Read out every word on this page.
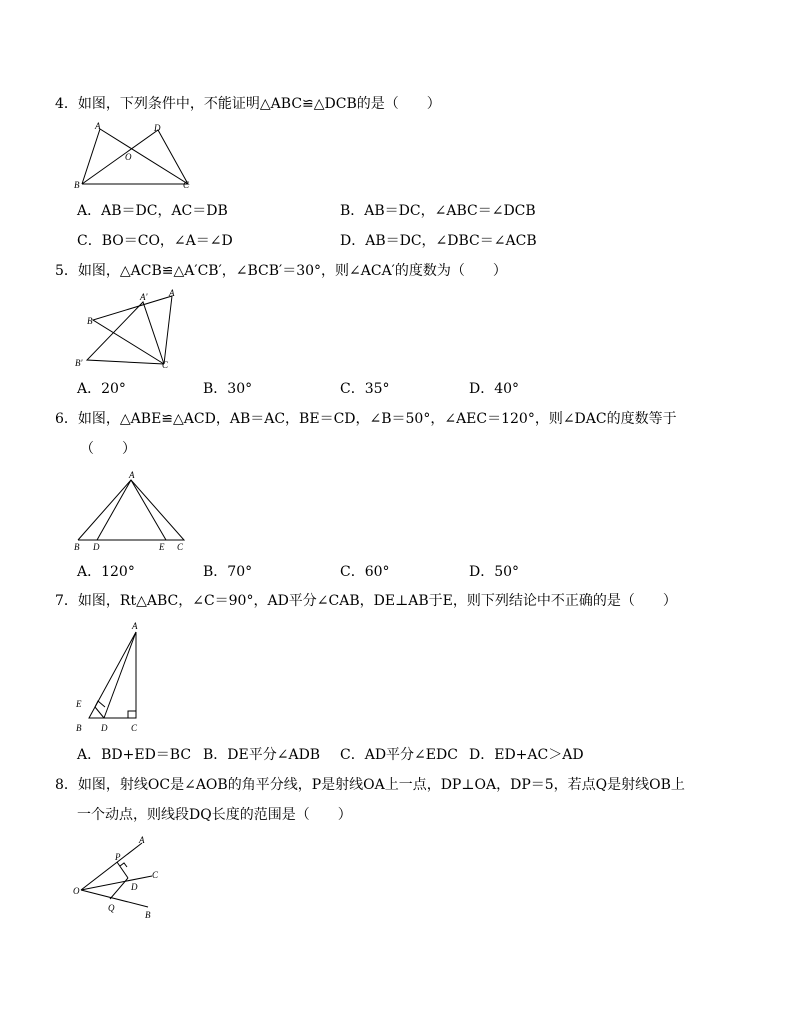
4．如图，下列条件中，不能证明△ABC≌△DCB的是（　　）
A	D
O
B	C
A．AB＝DC，AC＝DB	B．AB＝DC，∠ABC＝∠DCB
C．BO＝CO，∠A＝∠D	D．AB＝DC，∠DBC＝∠ACB
5．如图，△ACB≌△A′CB′，∠BCB′＝30°，则∠ACA′的度数为（　　）
A' A
B
B'	C
A．20°	B．30°	C．35°	D．40°
6．如图，△ABE≌△ACD，AB＝AC，BE＝CD，∠B＝50°，∠AEC＝120°，则∠DAC的度数等于
（　　）
A
B D	E C
A．120°	B．70°	C．60°	D．50°
7．如图，Rt△ABC，∠C＝90°，AD平分∠CAB，DE⊥AB于E，则下列结论中不正确的是（　　）
A
E
B D	C
A．BD+ED＝BC B．DE平分∠ADB C．AD平分∠EDC D．ED+AC＞AD
8．如图，射线OC是∠AOB的角平分线，P是射线OA上一点，DP⊥OA，DP＝5，若点Q是射线OB上
一个动点，则线段DQ长度的范围是（　　）
A
P
C
O	D
Q
B
